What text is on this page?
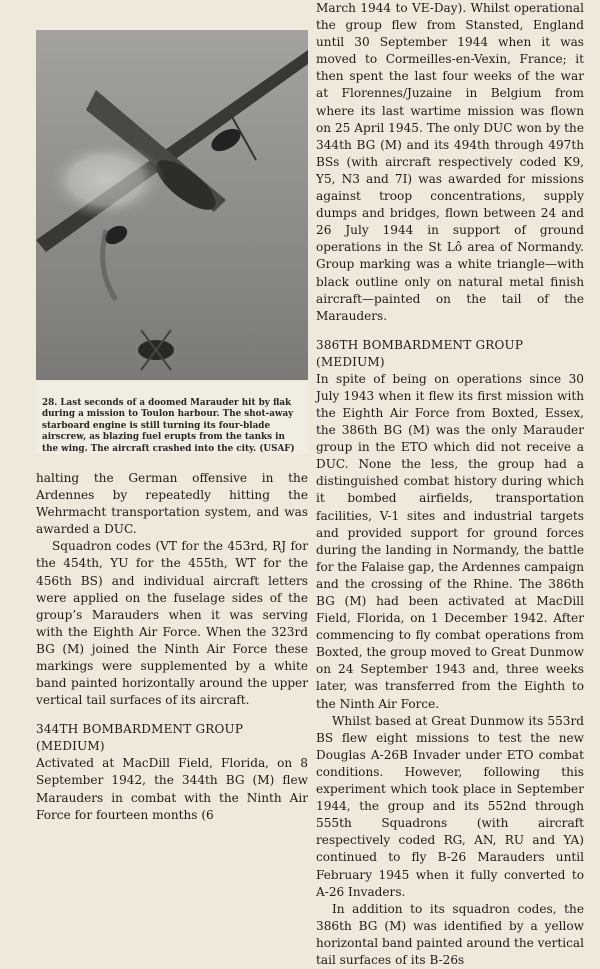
28. Last seconds of a doomed Marauder hit by flak during a mission to Toulon harbour. The shot-away starboard engine is still turning its four-blade airscrew, as blazing fuel erupts from the tanks in the wing. The aircraft crashed into the city. (USAF)

halting the German offensive in the Ardennes by repeatedly hitting the Wehrmacht transportation system, and was awarded a DUC.

Squadron codes (VT for the 453rd, RJ for the 454th, YU for the 455th, WT for the 456th BS) and individual aircraft letters were applied on the fuselage sides of the group’s Marauders when it was serving with the Eighth Air Force. When the 323rd BG (M) joined the Ninth Air Force these markings were supplemented by a white band painted horizontally around the upper vertical tail surfaces of its aircraft.

344TH BOMBARDMENT GROUP (MEDIUM)

Activated at MacDill Field, Florida, on 8 September 1942, the 344th BG (M) flew Marauders in combat with the Ninth Air Force for fourteen months (6

March 1944 to VE-Day). Whilst operational the group flew from Stansted, England until 30 September 1944 when it was moved to Cormeilles-en-Vexin, France; it then spent the last four weeks of the war at Florennes/Juzaine in Belgium from where its last wartime mission was flown on 25 April 1945. The only DUC won by the 344th BG (M) and its 494th through 497th BSs (with aircraft respectively coded K9, Y5, N3 and 7I) was awarded for missions against troop concentrations, supply dumps and bridges, flown between 24 and 26 July 1944 in support of ground operations in the St Lô area of Normandy. Group marking was a white triangle—with black outline only on natural metal finish aircraft—painted on the tail of the Marauders.

386TH BOMBARDMENT GROUP (MEDIUM)

In spite of being on operations since 30 July 1943 when it flew its first mission with the Eighth Air Force from Boxted, Essex, the 386th BG (M) was the only Marauder group in the ETO which did not receive a DUC. None the less, the group had a distinguished combat history during which it bombed airfields, transportation facilities, V-1 sites and industrial targets and provided support for ground forces during the landing in Normandy, the battle for the Falaise gap, the Ardennes campaign and the crossing of the Rhine. The 386th BG (M) had been activated at MacDill Field, Florida, on 1 December 1942. After commencing to fly combat operations from Boxted, the group moved to Great Dunmow on 24 September 1943 and, three weeks later, was transferred from the Eighth to the Ninth Air Force.

Whilst based at Great Dunmow its 553rd BS flew eight missions to test the new Douglas A-26B Invader under ETO combat conditions. However, following this experiment which took place in September 1944, the group and its 552nd through 555th Squadrons (with aircraft respectively coded RG, AN, RU and YA) continued to fly B-26 Marauders until February 1945 when it fully converted to A-26 Invaders.

In addition to its squadron codes, the 386th BG (M) was identified by a yellow horizontal band painted around the vertical tail surfaces of its B-26s
